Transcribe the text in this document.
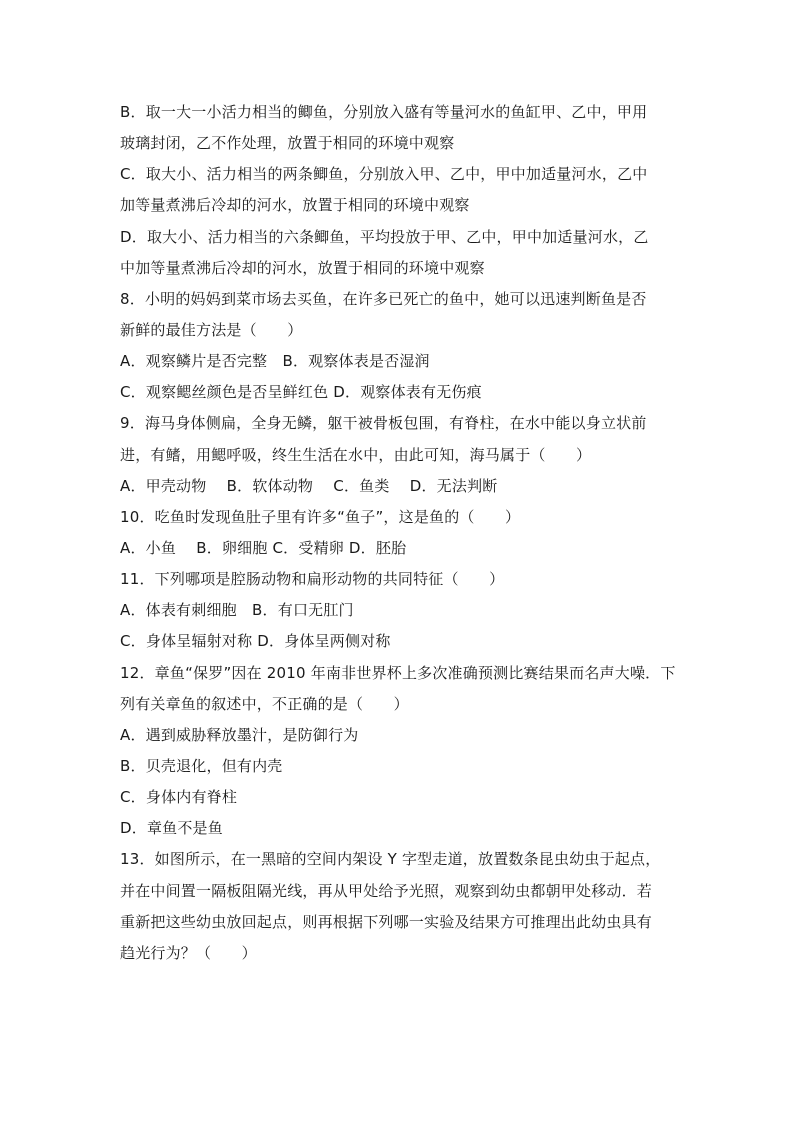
B．取一大一小活力相当的鲫鱼，分别放入盛有等量河水的鱼缸甲、乙中，甲用
玻璃封闭，乙不作处理，放置于相同的环境中观察
C．取大小、活力相当的两条鲫鱼，分别放入甲、乙中，甲中加适量河水，乙中
加等量煮沸后冷却的河水，放置于相同的环境中观察
D．取大小、活力相当的六条鲫鱼，平均投放于甲、乙中，甲中加适量河水，乙
中加等量煮沸后冷却的河水，放置于相同的环境中观察
8．小明的妈妈到菜市场去买鱼，在许多已死亡的鱼中，她可以迅速判断鱼是否
新鲜的最佳方法是（　　）
A．观察鳞片是否完整　B．观察体表是否湿润
C．观察鳃丝颜色是否呈鲜红色 D．观察体表有无伤痕
9．海马身体侧扁，全身无鳞，躯干被骨板包围，有脊柱，在水中能以身立状前
进，有鳍，用鳃呼吸，终生生活在水中，由此可知，海马属于（　　）
A．甲壳动物　 B．软体动物　 C．鱼类　 D．无法判断
10．吃鱼时发现鱼肚子里有许多“鱼子”，这是鱼的（　　）
A．小鱼　 B．卵细胞 C．受精卵 D．胚胎
11．下列哪项是腔肠动物和扁形动物的共同特征（　　）
A．体表有刺细胞　B．有口无肛门
C．身体呈辐射对称 D．身体呈两侧对称
12．章鱼“保罗”因在 2010 年南非世界杯上多次准确预测比赛结果而名声大噪．下
列有关章鱼的叙述中，不正确的是（　　）
A．遇到威胁释放墨汁，是防御行为
B．贝壳退化，但有内壳
C．身体内有脊柱
D．章鱼不是鱼
13．如图所示，在一黑暗的空间内架设 Y 字型走道，放置数条昆虫幼虫于起点，
并在中间置一隔板阻隔光线，再从甲处给予光照，观察到幼虫都朝甲处移动．若
重新把这些幼虫放回起点，则再根据下列哪一实验及结果方可推理出此幼虫具有
趋光行为？（　　）
